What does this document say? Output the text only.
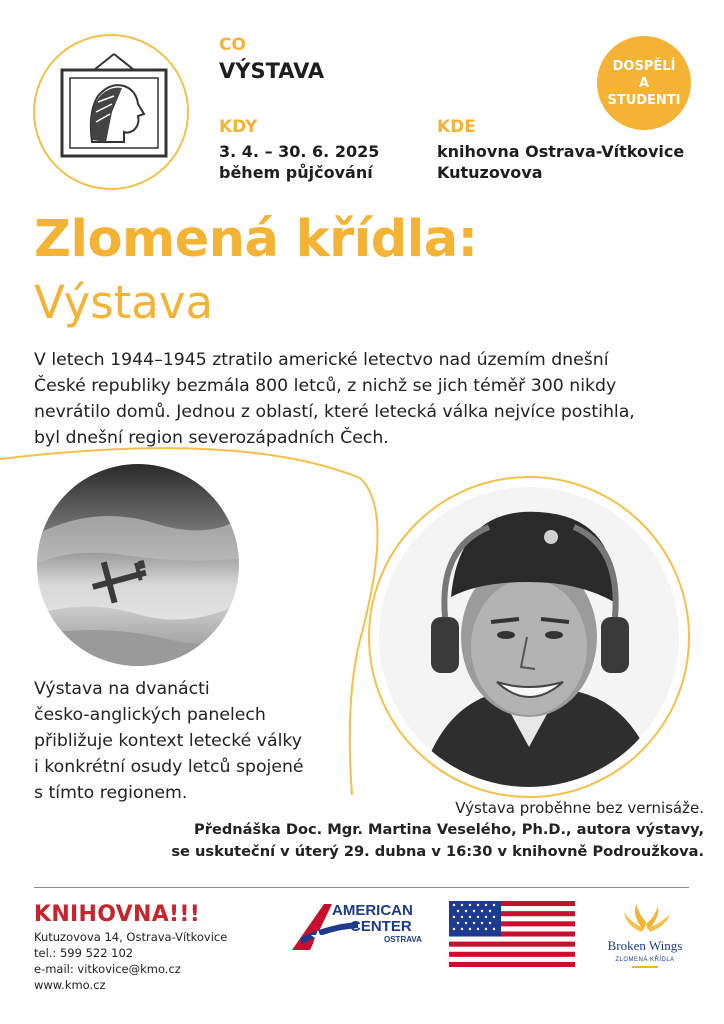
CO
VÝSTAVA
KDY
3. 4. – 30. 6. 2025
během půjčování
KDE
knihovna Ostrava-Vítkovice
Kutuzovova
DOSPĚLÍ
A
STUDENTI
Zlomená křídla:
Výstava
V letech 1944–1945 ztratilo americké letectvo nad územím dnešní
České republiky bezmála 800 letců, z nichž se jich téměř 300 nikdy
nevrátilo domů. Jednou z oblastí, které letecká válka nejvíce postihla,
byl dnešní region severozápadních Čech.
Výstava na dvanácti
česko-anglických panelech
přibližuje kontext letecké války
i konkrétní osudy letců spojené
s tímto regionem.
Výstava proběhne bez vernisáže.
Přednáška Doc. Mgr. Martina Veselého, Ph.D., autora výstavy,
se uskuteční v úterý 29. dubna v 16:30 v knihovně Podroužkova.
KNIHOVNA!!!
Kutuzovova 14, Ostrava-Vítkovice
tel.: 599 522 102
e-mail: vitkovice@kmo.cz
www.kmo.cz
AMERICAN
CENTER
OSTRAVA	Broken Wings
ZLOMENÁ KŘÍDLA
